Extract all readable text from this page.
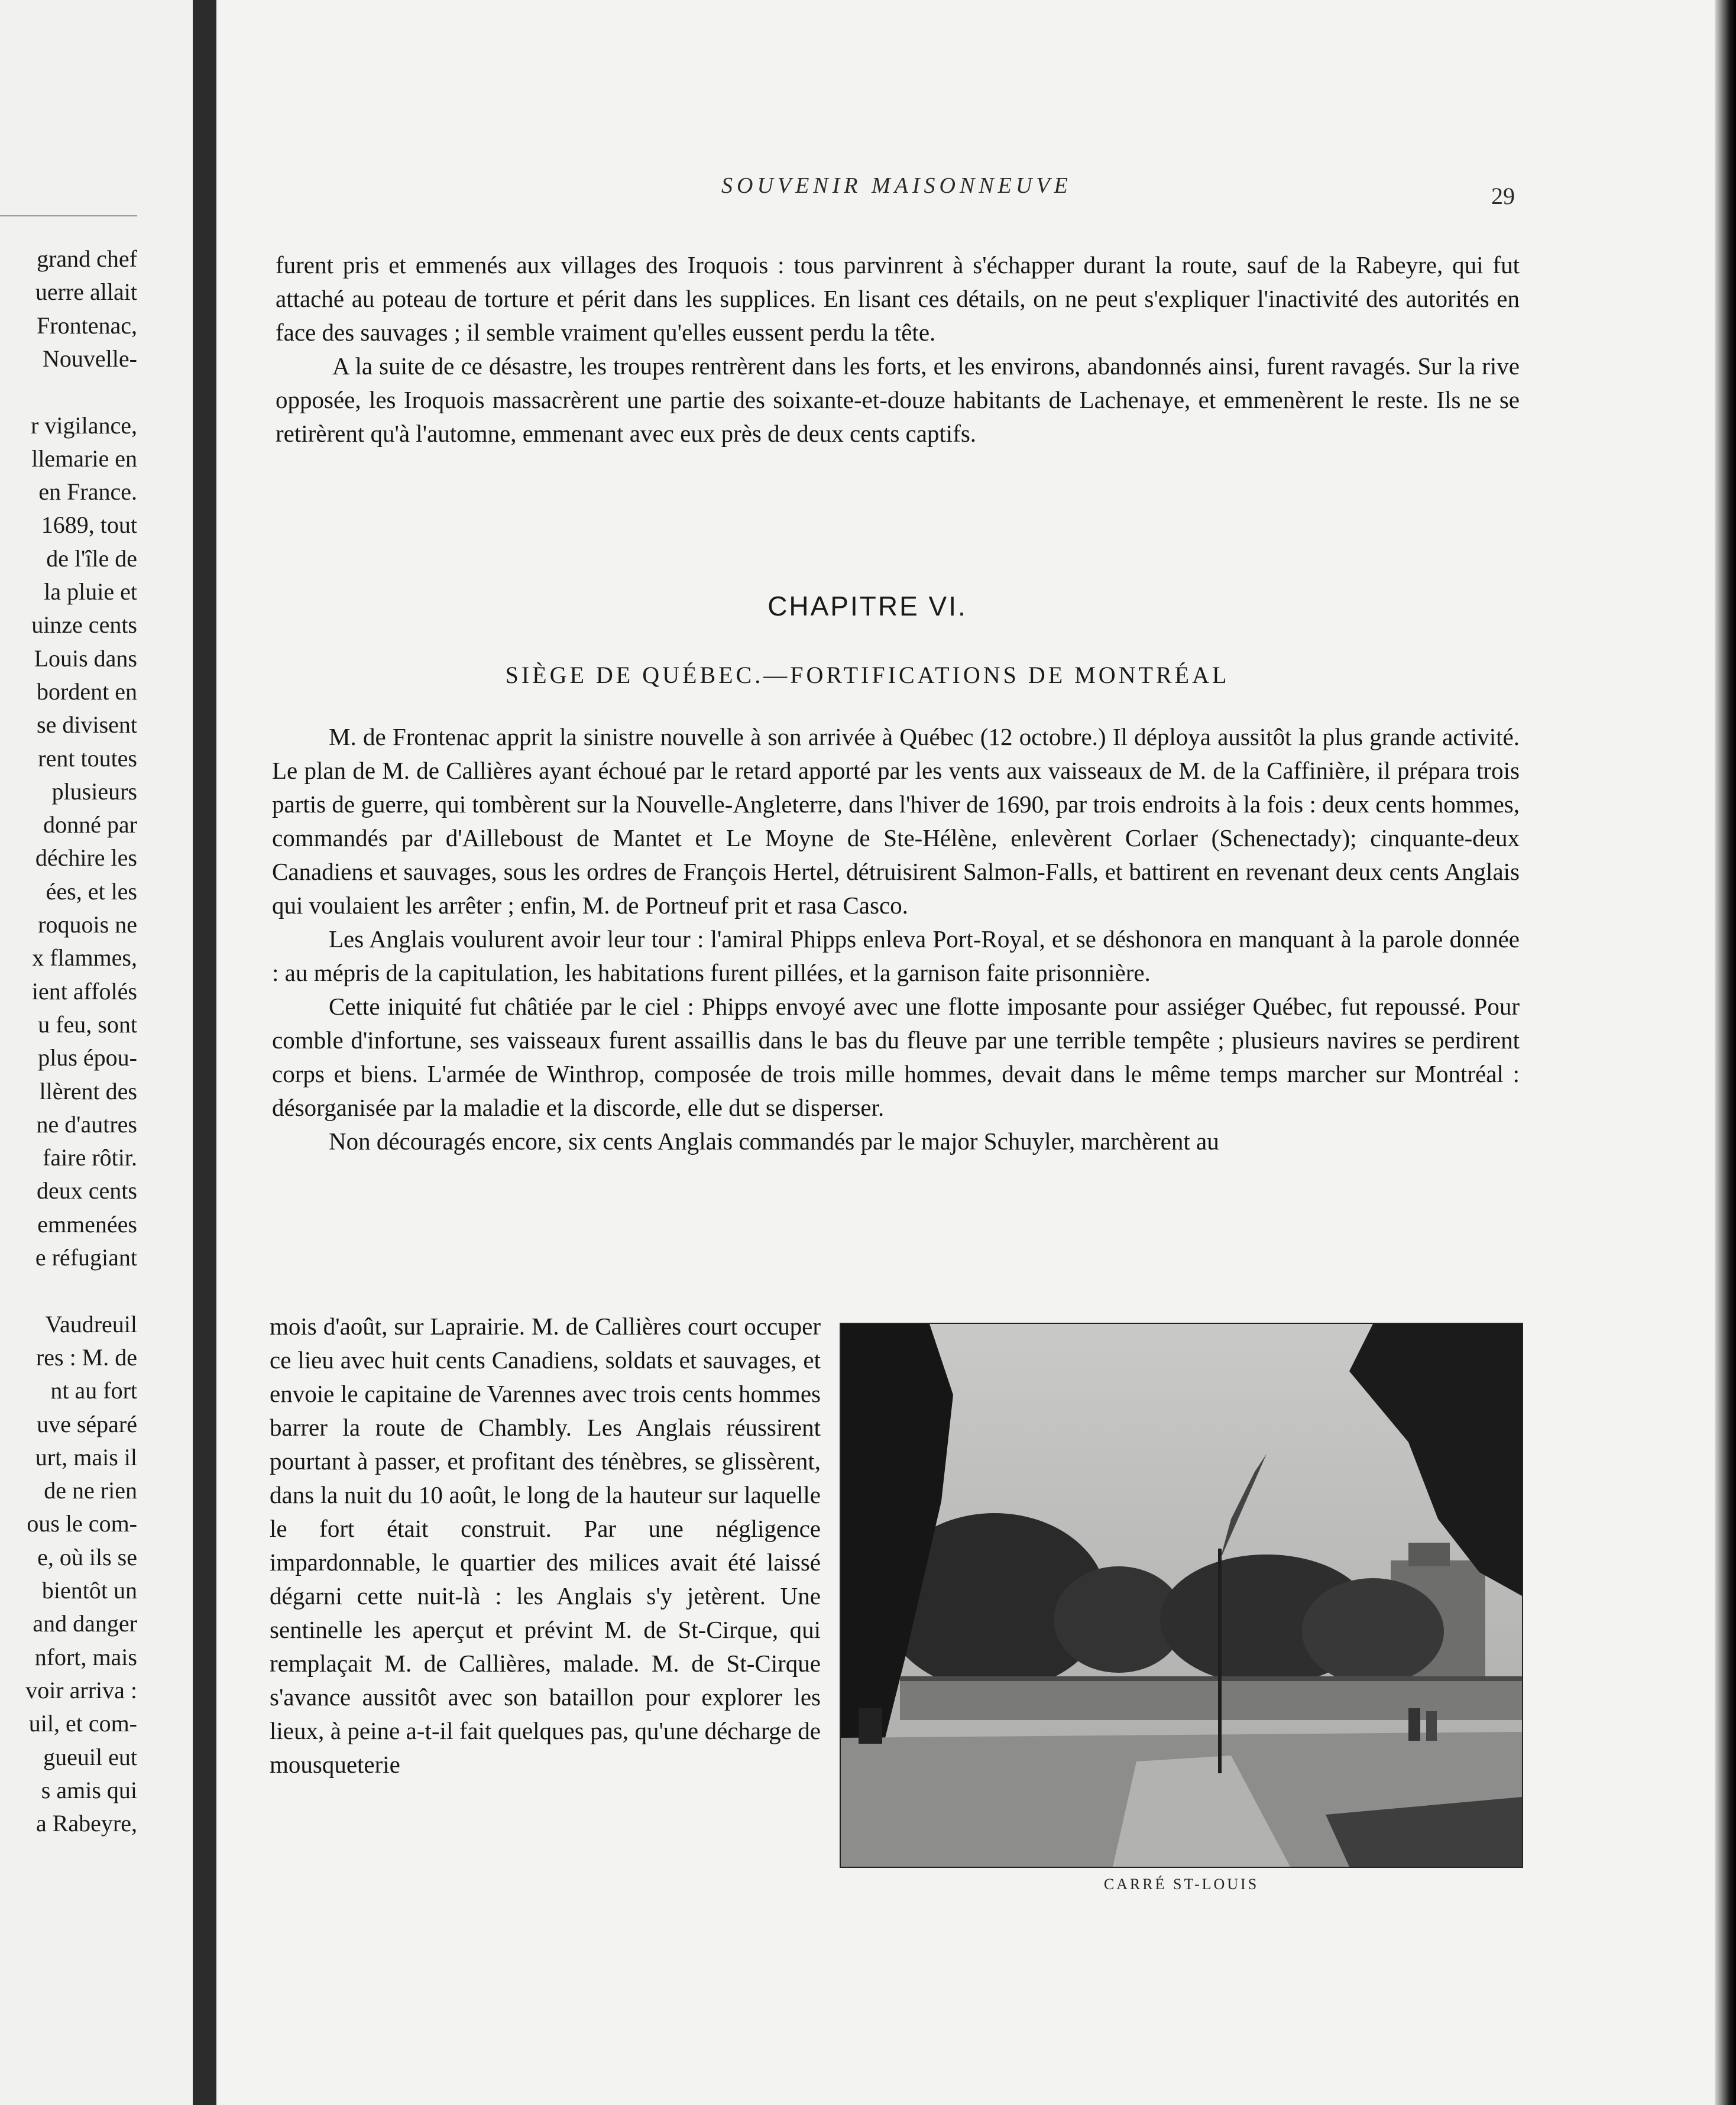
grand chef
uerre allait
Frontenac,
Nouvelle-
r vigilance,
llemarie en
en France.
1689, tout
de l'île de
la pluie et
uinze cents
Louis dans
bordent en
se divisent
rent toutes
plusieurs
donné par
déchire les
ées, et les
roquois ne
x flammes,
ient affolés
u feu, sont
plus épou-
llèrent des
ne d'autres
faire rôtir.
deux cents
emmenées
e réfugiant
Vaudreuil
res : M. de
nt au fort
uve séparé
urt, mais il
de ne rien
ous le com-
e, où ils se
bientôt un
and danger
nfort, mais
voir arriva :
uil, et com-
gueuil eut
s amis qui
a Rabeyre,
SOUVENIR MAISONNEUVE	29

furent pris et emmenés aux villages des Iroquois : tous parvinrent à s'échapper durant la route, sauf de la Rabeyre, qui fut attaché au poteau de torture et périt dans les supplices. En lisant ces détails, on ne peut s'expliquer l'inactivité des autorités en face des sauvages ; il semble vraiment qu'elles eussent perdu la tête.

A la suite de ce désastre, les troupes rentrèrent dans les forts, et les environs, abandonnés ainsi, furent ravagés. Sur la rive opposée, les Iroquois massacrèrent une partie des soixante-et-douze habitants de Lachenaye, et emmenèrent le reste. Ils ne se retirèrent qu'à l'automne, emmenant avec eux près de deux cents captifs.

CHAPITRE VI.
SIÈGE DE QUÉBEC.—FORTIFICATIONS DE MONTRÉAL

M. de Frontenac apprit la sinistre nouvelle à son arrivée à Québec (12 octobre.) Il déploya aussitôt la plus grande activité. Le plan de M. de Callières ayant échoué par le retard apporté par les vents aux vaisseaux de M. de la Caffinière, il prépara trois partis de guerre, qui tombèrent sur la Nouvelle-Angleterre, dans l'hiver de 1690, par trois endroits à la fois : deux cents hommes, commandés par d'Ailleboust de Mantet et Le Moyne de Ste-Hélène, enlevèrent Corlaer (Schenectady); cinquante-deux Canadiens et sauvages, sous les ordres de François Hertel, détruisirent Salmon-Falls, et battirent en revenant deux cents Anglais qui voulaient les arrêter ; enfin, M. de Portneuf prit et rasa Casco.

Les Anglais voulurent avoir leur tour : l'amiral Phipps enleva Port-Royal, et se déshonora en manquant à la parole donnée : au mépris de la capitulation, les habitations furent pillées, et la garnison faite prisonnière.

Cette iniquité fut châtiée par le ciel : Phipps envoyé avec une flotte imposante pour assiéger Québec, fut repoussé. Pour comble d'infortune, ses vaisseaux furent assaillis dans le bas du fleuve par une terrible tempête ; plusieurs navires se perdirent corps et biens. L'armée de Winthrop, composée de trois mille hommes, devait dans le même temps marcher sur Montréal : désorganisée par la maladie et la discorde, elle dut se disperser.

Non découragés encore, six cents Anglais commandés par le major Schuyler, marchèrent au

mois d'août, sur Laprairie. M. de Callières court occuper ce lieu avec huit cents Canadiens, soldats et sauvages, et envoie le capitaine de Varennes avec trois cents hommes barrer la route de Chambly. Les Anglais réussirent pourtant à passer, et profitant des ténèbres, se glissèrent, dans la nuit du 10 août, le long de la hauteur sur laquelle le fort était construit. Par une négligence impardonnable, le quartier des milices avait été laissé dégarni cette nuit-là : les Anglais s'y jetèrent. Une sentinelle les aperçut et prévint M. de St-Cirque, qui remplaçait M. de Callières, malade. M. de St-Cirque s'avance aussitôt avec son bataillon pour explorer les lieux, à peine a-t-il fait quelques pas, qu'une décharge de mousqueterie

CARRÉ ST-LOUIS
